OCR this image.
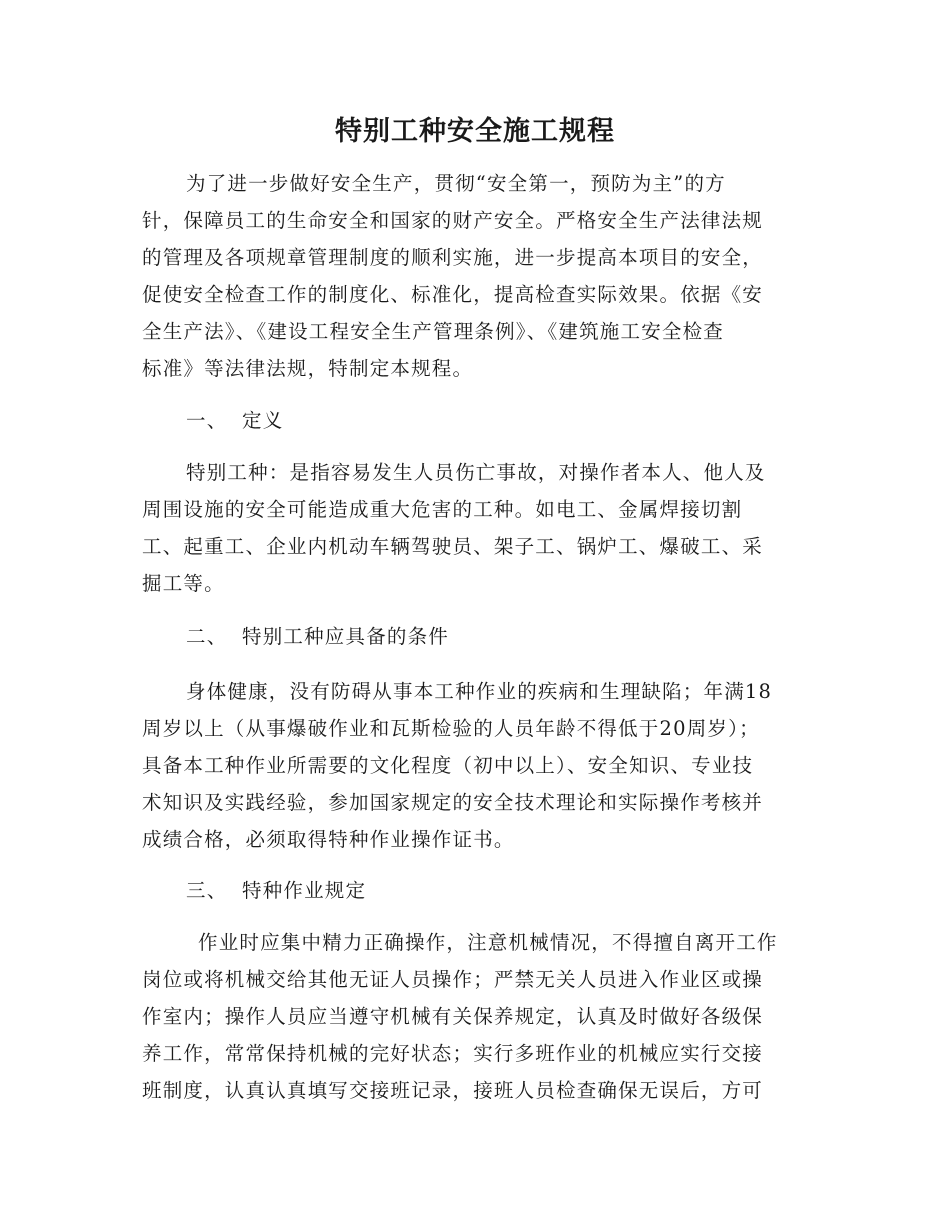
特别工种安全施工规程
为了进一步做好安全生产，贯彻“安全第一，预防为主”的方
针，保障员工的生命安全和国家的财产安全。严格安全生产法律法规
的管理及各项规章管理制度的顺利实施，进一步提高本项目的安全，
促使安全检查工作的制度化、标准化，提高检查实际效果。依据《安
全生产法》、《建设工程安全生产管理条例》、《建筑施工安全检查
标准》等法律法规，特制定本规程。
一、 定义
特别工种：是指容易发生人员伤亡事故，对操作者本人、他人及
周围设施的安全可能造成重大危害的工种。如电工、金属焊接切割
工、起重工、企业内机动车辆驾驶员、架子工、锅炉工、爆破工、采
掘工等。
二、 特别工种应具备的条件
身体健康，没有防碍从事本工种作业的疾病和生理缺陷；年满18
周岁以上（从事爆破作业和瓦斯检验的人员年龄不得低于20周岁）；
具备本工种作业所需要的文化程度（初中以上）、安全知识、专业技
术知识及实践经验，参加国家规定的安全技术理论和实际操作考核并
成绩合格，必须取得特种作业操作证书。
三、 特种作业规定
作业时应集中精力正确操作，注意机械情况，不得擅自离开工作
岗位或将机械交给其他无证人员操作；严禁无关人员进入作业区或操
作室内；操作人员应当遵守机械有关保养规定，认真及时做好各级保
养工作，常常保持机械的完好状态；实行多班作业的机械应实行交接
班制度，认真认真填写交接班记录，接班人员检查确保无误后，方可
